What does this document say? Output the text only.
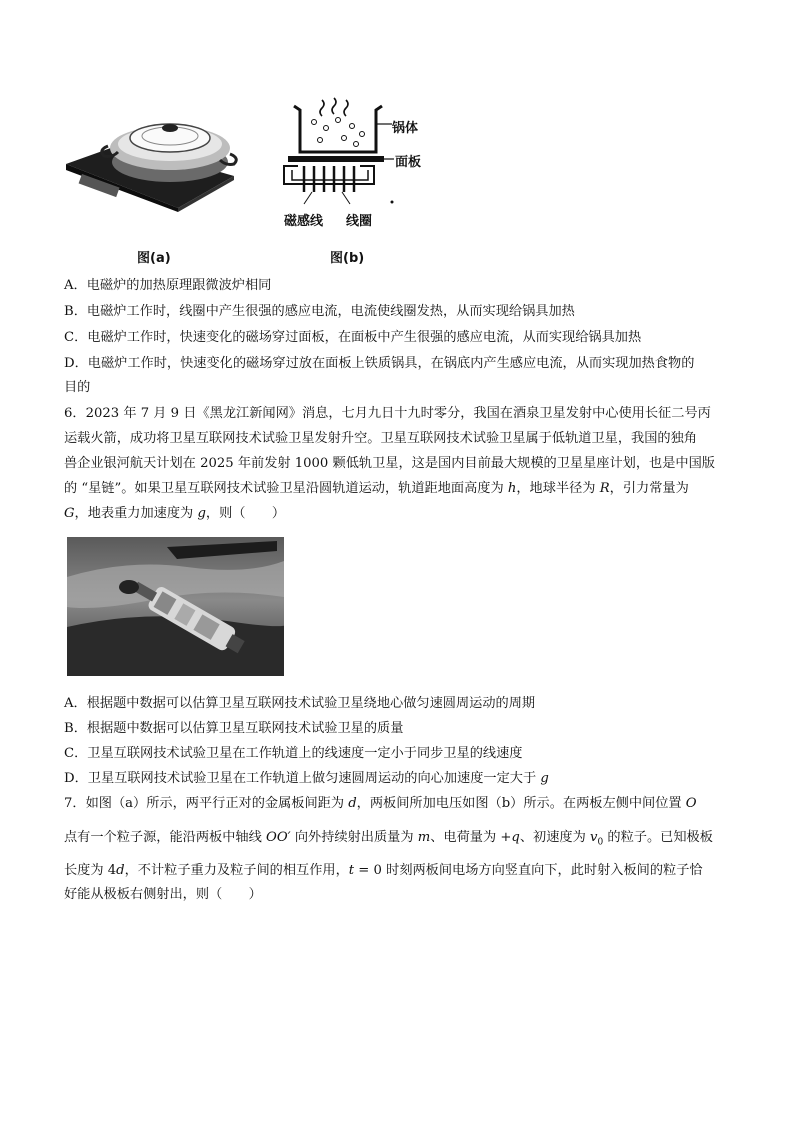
图(a)
锅体
面板
磁感线 线圈
图(b)
A．电磁炉的加热原理跟微波炉相同
B．电磁炉工作时，线圈中产生很强的感应电流，电流使线圈发热，从而实现给锅具加热
C．电磁炉工作时，快速变化的磁场穿过面板，在面板中产生很强的感应电流，从而实现给锅具加热
D．电磁炉工作时，快速变化的磁场穿过放在面板上铁质锅具，在锅底内产生感应电流，从而实现加热食物的
目的
6．2023 年 7 月 9 日《黑龙江新闻网》消息，七月九日十九时零分，我国在酒泉卫星发射中心使用长征二号丙
运载火箭，成功将卫星互联网技术试验卫星发射升空。卫星互联网技术试验卫星属于低轨道卫星，我国的独角
兽企业银河航天计划在 2025 年前发射 1000 颗低轨卫星，这是国内目前最大规模的卫星星座计划，也是中国版
的 “星链”。如果卫星互联网技术试验卫星沿圆轨道运动，轨道距地面高度为 h，地球半径为 R，引力常量为
G，地表重力加速度为 g，则（　　）
A．根据题中数据可以估算卫星互联网技术试验卫星绕地心做匀速圆周运动的周期
B．根据题中数据可以估算卫星互联网技术试验卫星的质量
C．卫星互联网技术试验卫星在工作轨道上的线速度一定小于同步卫星的线速度
D．卫星互联网技术试验卫星在工作轨道上做匀速圆周运动的向心加速度一定大于 g
7．如图（a）所示，两平行正对的金属板间距为 d，两板间所加电压如图（b）所示。在两板左侧中间位置 O
点有一个粒子源，能沿两板中轴线 OO′ 向外持续射出质量为 m、电荷量为 +q、初速度为 $v_0$ 的粒子。已知极板
长度为 4d，不计粒子重力及粒子间的相互作用，t = 0 时刻两板间电场方向竖直向下，此时射入板间的粒子恰
好能从极板右侧射出，则（　　）
